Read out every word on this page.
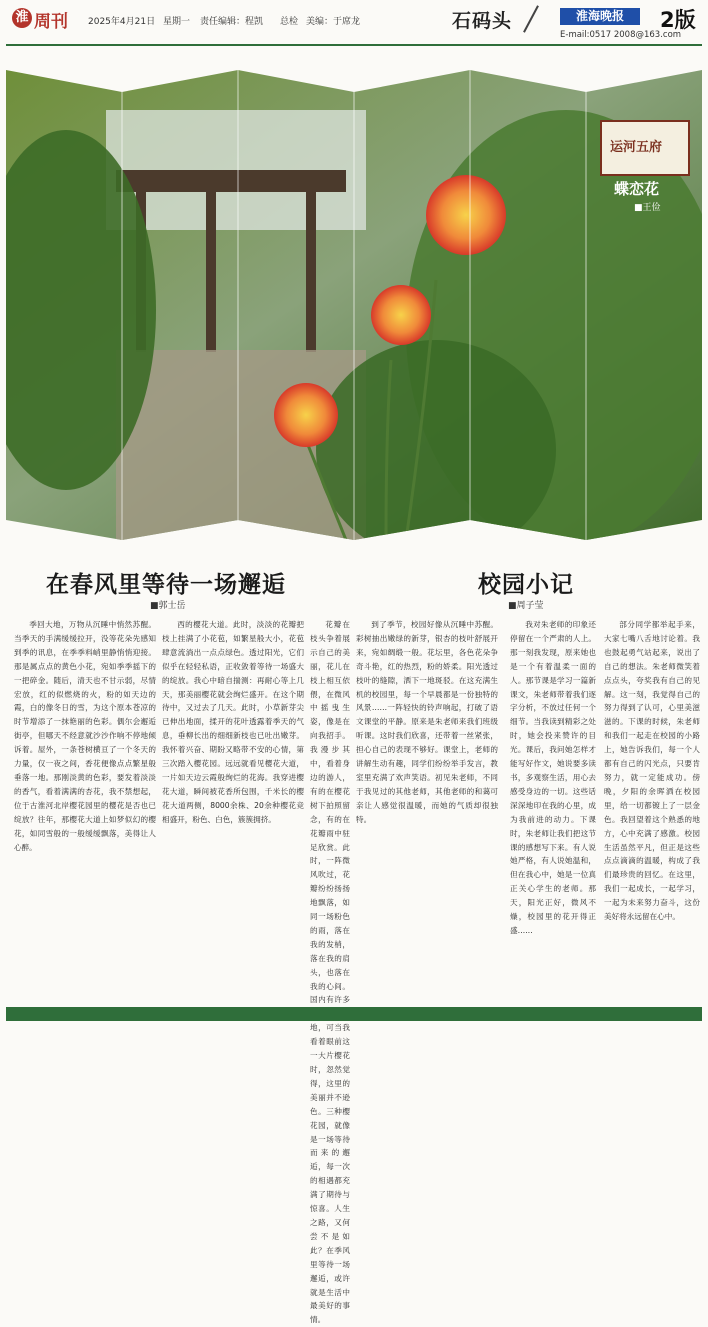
淮 周刊 2025年4月21日 星期一 责任编辑：程凯 总检 美编：于席龙	石码头	淮海晚报	2版
E-mail:0517 2008@163.com
运河五府
蝶恋花
■王俭
在春风里等待一场邂逅
■郭士岳

季回大地，万物从沉睡中悄然苏醒。当季天的手满缓缓拉开，没等花朵先感知到季的讯息，在季季料峭里静悄悄迎接。那是属点点的黄色小花，宛如季季摇下的一把碎金。随后，清天也不甘示弱，尽情宏放，红的似燃烧的火，粉的如天边的霞，白的像冬日的雪，为这个原本苍凉的时节增添了一抹艳丽的色彩。偶尔会邂逅街亭，但哪天不经意就沙沙作响不停地倾诉着。屋外，一条苍树横亘了一个冬天的力量，仅一夜之间，香花便像点点繁星般垂落一地。那刚淡黄的色彩，要发着淡淡的香气，看着满满的杏花，我不禁想起，位于古淮河北岸樱花园里的樱花是否也已绽放？往年，那樱花大道上如梦似幻的樱花，如同雪般的一般缓缓飘落，美得让人心醉。

西的樱花大道。此时，淡淡的花瓣把枝上挂满了小花苞，如繁星般大小，花苞肆意流淌出一点点绿色。透过阳光，它们似乎在轻轻私语，正收敛着等待一场盛大的绽放。我心中暗自揣测：再耐心等上几天，那美丽樱花就会绚烂盛开。在这个期待中，又过去了几天。此时，小草新芽尖已伸出地面，揉开的花叶透露着季天的气息，垂柳长出的细细新枝也已吐出嫩芽。我怀着兴奋、期盼又略带不安的心情，第三次踏入樱花园。远远就看见樱花大道，一片如天边云霞般绚烂的花海。我穿进樱花大道，瞬间被花香所包围，千米长的樱花大道两侧，8000余株、20余种樱花竞相盛开，粉色、白色，簇簇拥挤。

花瓣在枝头争着展示自己的美丽，花儿在枝上相互依偎，在微风中摇曳生姿，像是在向我招手。我漫步其中，看着身边的游人，有的在樱花树下拍照留念，有的在花瓣雨中驻足欣赏。此时，一阵微风吹过，花瓣纷纷扬扬地飘落，如同一场粉色的雨，落在我的发梢，落在我的肩头，也落在我的心间。国内有许多 地，可当我看着眼前这一大片樱花时，忽然觉得，这里的美丽并不逊色。三种樱花园，就像是一场等待而来的邂逅，每一次的相遇都充满了期待与惊喜。人生之路，又何尝不是如此？在季风里等待一场邂逅，或许就是生活中最美好的事情。

校园小记
■周子莹

到了季节，校园好像从沉睡中苏醒。彩树抽出嫩绿的新芽，银杏的枝叶舒展开来，宛如绸缎一般。花坛里，各色花朵争奇斗艳，红的热烈，粉的娇柔。阳光透过枝叶的缝隙，洒下一地斑驳。在这充满生机的校园里，每一个早晨都是一份独特的风景……一阵轻快的铃声响起，打破了语文课堂的平静。原来是朱老师来我们班级听课。这时我们欣喜，还带着一丝紧张，担心自己的表现不够好。课堂上，老师的讲解生动有趣，同学们纷纷举手发言，教室里充满了欢声笑语。初见朱老师，不同于我见过的其他老师，其他老师的和蔼可亲让人感觉很温暖，而她的气质却很独特。

我对朱老师的印象还停留在一个严肃的人上。那一刻我发现，原来她也是一个有着温柔一面的人。那节课是学习一篇新课文，朱老师带着我们逐字分析，不放过任何一个细节。当我读到精彩之处时，她会投来赞许的目光。课后，我问她怎样才能写好作文，她说要多读书，多观察生活，用心去感受身边的一切。这些话深深地印在我的心里，成为我前进的动力。下课时，朱老师让我们把这节课的感想写下来。有人说她严格，有人说她温和，但在我心中，她是一位真正关心学生的老师。那天，阳光正好，微风不燥，校园里的花开得正盛……

部分同学都举起手来，大家七嘴八舌地讨论着。我也鼓起勇气站起来，说出了自己的想法。朱老师微笑着点点头，夸奖我有自己的见解。这一刻，我觉得自己的努力得到了认可，心里美滋滋的。下课的时候，朱老师和我们一起走在校园的小路上，她告诉我们，每一个人都有自己的闪光点，只要肯努力，就一定能成功。傍晚，夕阳的余晖洒在校园里，给一切都镀上了一层金色。我回望着这个熟悉的地方，心中充满了感激。校园生活虽然平凡，但正是这些点点滴滴的温暖，构成了我们最珍贵的回忆。在这里，我们一起成长，一起学习，一起为未来努力奋斗，这份美好将永远留在心中。
